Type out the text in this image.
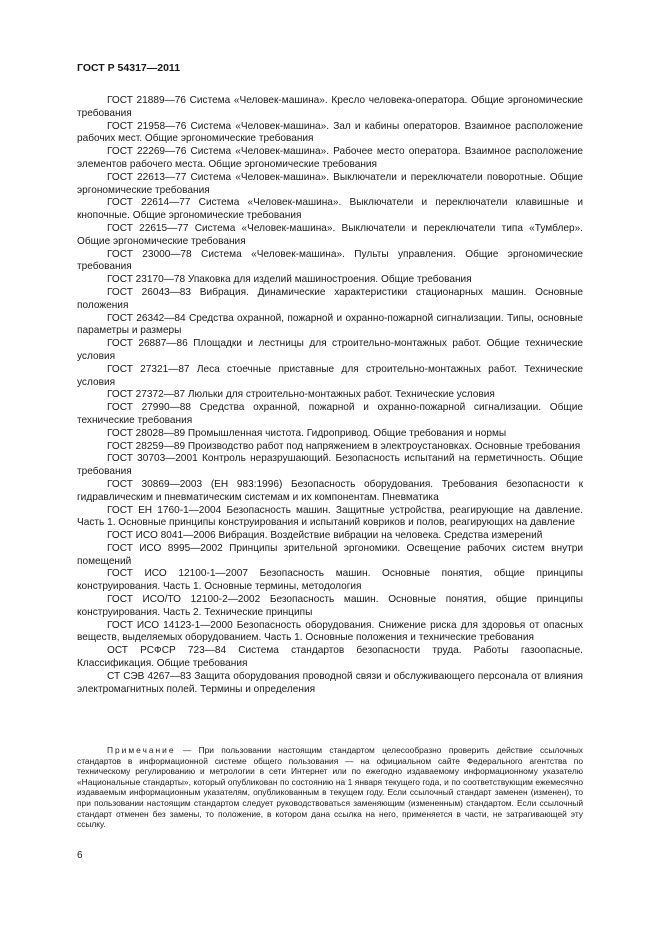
ГОСТ Р 54317—2011

ГОСТ 21889—76 Система «Человек-машина». Кресло человека-оператора. Общие эргономические требования

ГОСТ 21958—76 Система «Человек-машина». Зал и кабины операторов. Взаимное расположение рабочих мест. Общие эргономические требования

ГОСТ 22269—76 Система «Человек-машина». Рабочее место оператора. Взаимное расположение элементов рабочего места. Общие эргономические требования

ГОСТ 22613—77 Система «Человек-машина». Выключатели и переключатели поворотные. Общие эргономические требования

ГОСТ 22614—77 Система «Человек-машина». Выключатели и переключатели клавишные и кнопочные. Общие эргономические требования

ГОСТ 22615—77 Система «Человек-машина». Выключатели и переключатели типа «Тумблер». Общие эргономические требования

ГОСТ 23000—78 Система «Человек-машина». Пульты управления. Общие эргономические требования

ГОСТ 23170—78 Упаковка для изделий машиностроения. Общие требования

ГОСТ 26043—83 Вибрация. Динамические характеристики стационарных машин. Основные положения

ГОСТ 26342—84 Средства охранной, пожарной и охранно-пожарной сигнализации. Типы, основные параметры и размеры

ГОСТ 26887—86 Площадки и лестницы для строительно-монтажных работ. Общие технические условия

ГОСТ 27321—87 Леса стоечные приставные для строительно-монтажных работ. Технические условия

ГОСТ 27372—87 Люльки для строительно-монтажных работ. Технические условия

ГОСТ 27990—88 Средства охранной, пожарной и охранно-пожарной сигнализации. Общие технические требования

ГОСТ 28028—89 Промышленная чистота. Гидропривод. Общие требования и нормы

ГОСТ 28259—89 Производство работ под напряжением в электроустановках. Основные требования

ГОСТ 30703—2001 Контроль неразрушающий. Безопасность испытаний на герметичность. Общие требования

ГОСТ 30869—2003 (ЕН 983:1996) Безопасность оборудования. Требования безопасности к гидравлическим и пневматическим системам и их компонентам. Пневматика

ГОСТ ЕН 1760-1—2004 Безопасность машин. Защитные устройства, реагирующие на давление. Часть 1. Основные принципы конструирования и испытаний ковриков и полов, реагирующих на давление

ГОСТ ИСО 8041—2006 Вибрация. Воздействие вибрации на человека. Средства измерений

ГОСТ ИСО 8995—2002 Принципы зрительной эргономики. Освещение рабочих систем внутри помещений

ГОСТ ИСО 12100-1—2007 Безопасность машин. Основные понятия, общие принципы конструирования. Часть 1. Основные термины, методология

ГОСТ ИСО/ТО 12100-2—2002 Безопасность машин. Основные понятия, общие принципы конструирования. Часть 2. Технические принципы

ГОСТ ИСО 14123-1—2000 Безопасность оборудования. Снижение риска для здоровья от опасных веществ, выделяемых оборудованием. Часть 1. Основные положения и технические требования

ОСТ РСФСР 723—84 Система стандартов безопасности труда. Работы газоопасные. Классификация. Общие требования

СТ СЭВ 4267—83 Защита оборудования проводной связи и обслуживающего персонала от влияния электромагнитных полей. Термины и определения

Примечание — При пользовании настоящим стандартом целесообразно проверить действие ссылочных стандартов в информационной системе общего пользования — на официальном сайте Федерального агентства по техническому регулированию и метрологии в сети Интернет или по ежегодно издаваемому информационному указателю «Национальные стандарты», который опубликован по состоянию на 1 января текущего года, и по соответствующим ежемесячно издаваемым информационным указателям, опубликованным в текущем году. Если ссылочный стандарт заменен (изменен), то при пользовании настоящим стандартом следует руководствоваться заменяющим (измененным) стандартом. Если ссылочный стандарт отменен без замены, то положение, в котором дана ссылка на него, применяется в части, не затрагивающей эту ссылку.

6
